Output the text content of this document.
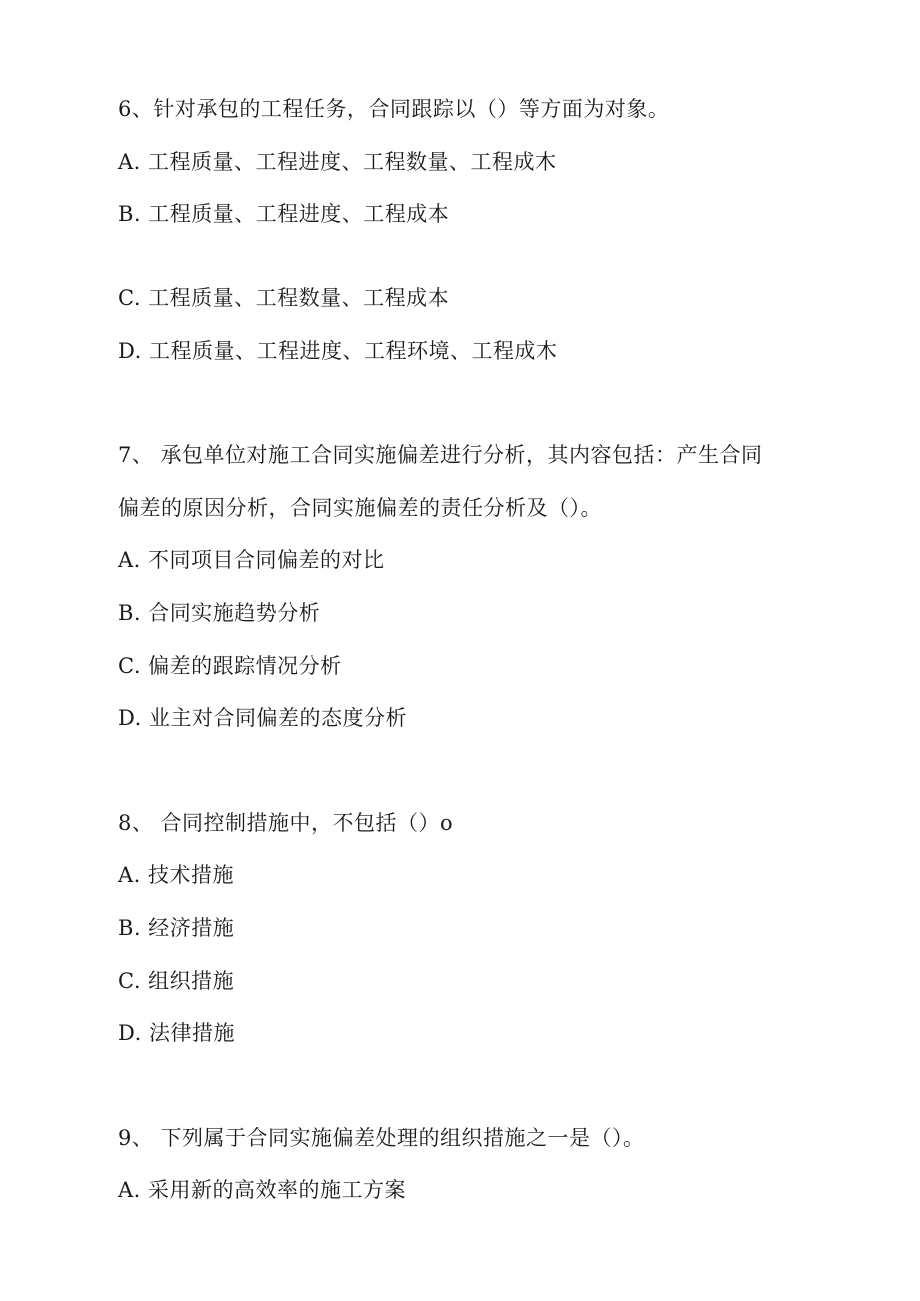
6、针对承包的工程任务，合同跟踪以（）等方面为对象。
A. 工程质量、工程进度、工程数量、工程成木
B. 工程质量、工程进度、工程成本
C. 工程质量、工程数量、工程成本
D. 工程质量、工程进度、工程环境、工程成木
7、 承包单位对施工合同实施偏差进行分析，其内容包括：产生合同
偏差的原因分析，合同实施偏差的责任分析及（）。
A. 不同项目合同偏差的对比
B. 合同实施趋势分析
C. 偏差的跟踪情况分析
D. 业主对合同偏差的态度分析
8、 合同控制措施中，不包括（）o
A. 技术措施
B. 经济措施
C. 组织措施
D. 法律措施
9、 下列属于合同实施偏差处理的组织措施之一是（）。
A. 采用新的高效率的施工方案
